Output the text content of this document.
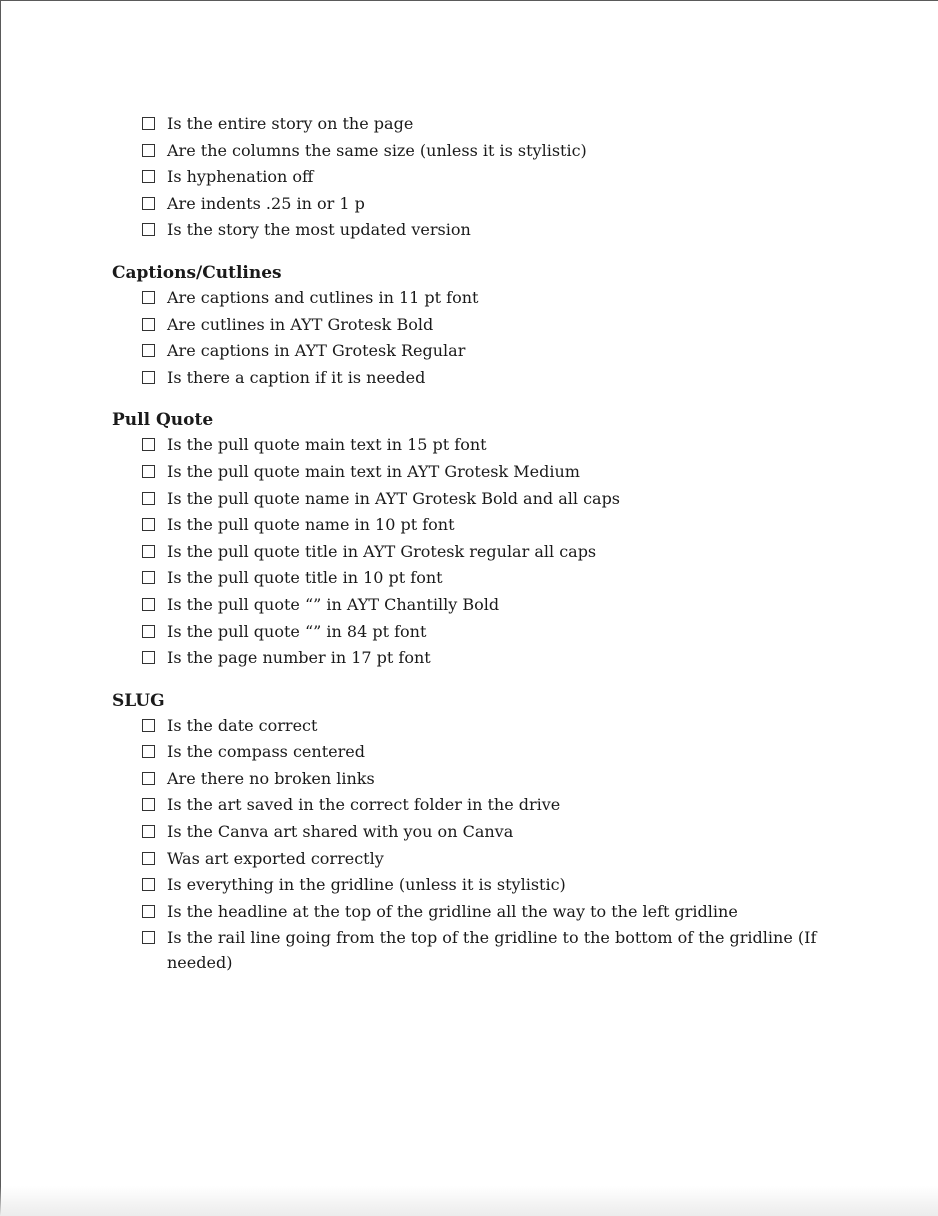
Is the entire story on the page
Are the columns the same size (unless it is stylistic)
Is hyphenation off
Are indents .25 in or 1 p
Is the story the most updated version
Captions/Cutlines
Are captions and cutlines in 11 pt font
Are cutlines in AYT Grotesk Bold
Are captions in AYT Grotesk Regular
Is there a caption if it is needed
Pull Quote
Is the pull quote main text in 15 pt font
Is the pull quote main text in AYT Grotesk Medium
Is the pull quote name in AYT Grotesk Bold and all caps
Is the pull quote name in 10 pt font
Is the pull quote title in AYT Grotesk regular all caps
Is the pull quote title in 10 pt font
Is the pull quote “” in AYT Chantilly Bold
Is the pull quote “” in 84 pt font
Is the page number in 17 pt font
SLUG
Is the date correct
Is the compass centered
Are there no broken links
Is the art saved in the correct folder in the drive
Is the Canva art shared with you on Canva
Was art exported correctly
Is everything in the gridline (unless it is stylistic)
Is the headline at the top of the gridline all the way to the left gridline
Is the rail line going from the top of the gridline to the bottom of the gridline (If needed)
